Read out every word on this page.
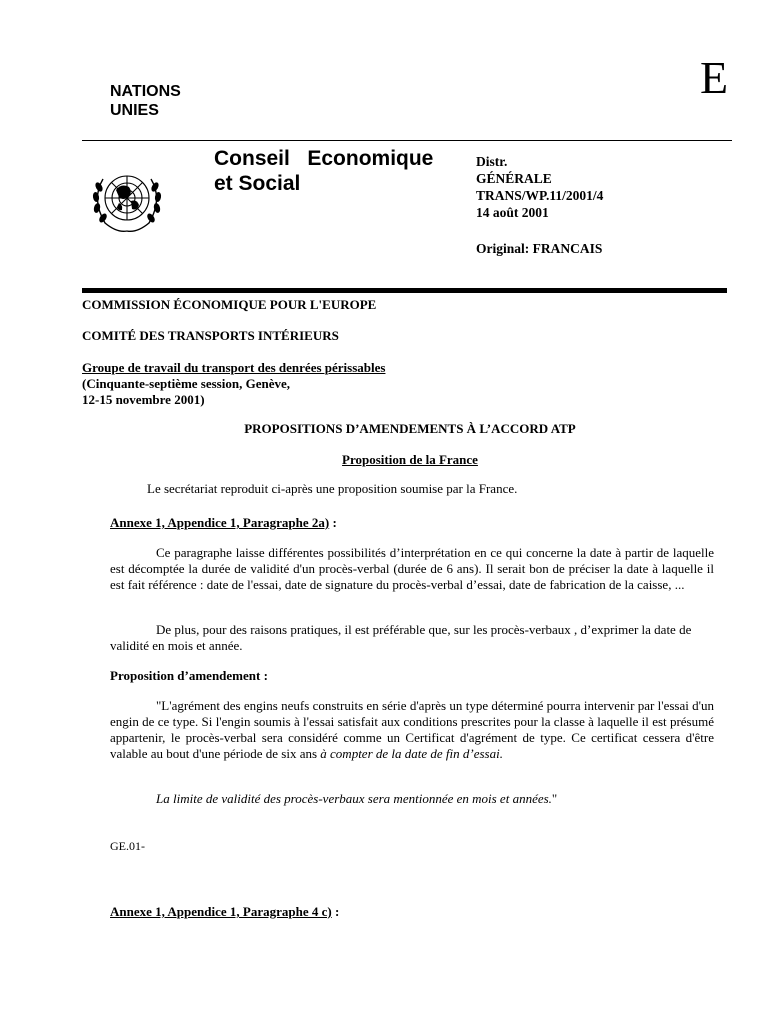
E
NATIONS
UNIES
Conseil   Economique
et Social
Distr.
GÉNÉRALE
TRANS/WP.11/2001/4
14 août 2001
Original: FRANCAIS
COMMISSION ÉCONOMIQUE POUR L'EUROPE
COMITÉ DES TRANSPORTS INTÉRIEURS
Groupe de travail du transport des denrées périssables
(Cinquante-septième session, Genève,
12-15 novembre 2001)
PROPOSITIONS D’AMENDEMENTS À L’ACCORD ATP
Proposition de la France
Le secrétariat reproduit ci-après une proposition soumise par la France.
Annexe 1, Appendice 1, Paragraphe 2a) :
Ce paragraphe laisse différentes possibilités d’interprétation en ce qui concerne la date à partir de laquelle est décomptée la durée de validité d'un procès-verbal (durée de 6 ans). Il serait bon de préciser la date à laquelle il est fait référence : date de l'essai, date de signature du procès-verbal d’essai, date de fabrication de la caisse, ...
De plus, pour des raisons pratiques, il est préférable que, sur les procès-verbaux , d’exprimer la date de validité en mois et année.
Proposition d’amendement :
"L'agrément des engins neufs construits en série d'après un type déterminé pourra intervenir par l'essai d'un engin de ce type. Si l'engin soumis à l'essai satisfait aux conditions prescrites pour la classe à laquelle il est présumé appartenir, le procès-verbal sera considéré comme un Certificat d'agrément de type. Ce certificat cessera d'être valable au bout d'une période de six ans à compter de la date de fin d’essai.
La limite de validité des procès-verbaux sera mentionnée en mois et années."
GE.01-
Annexe 1, Appendice 1, Paragraphe 4 c) :
